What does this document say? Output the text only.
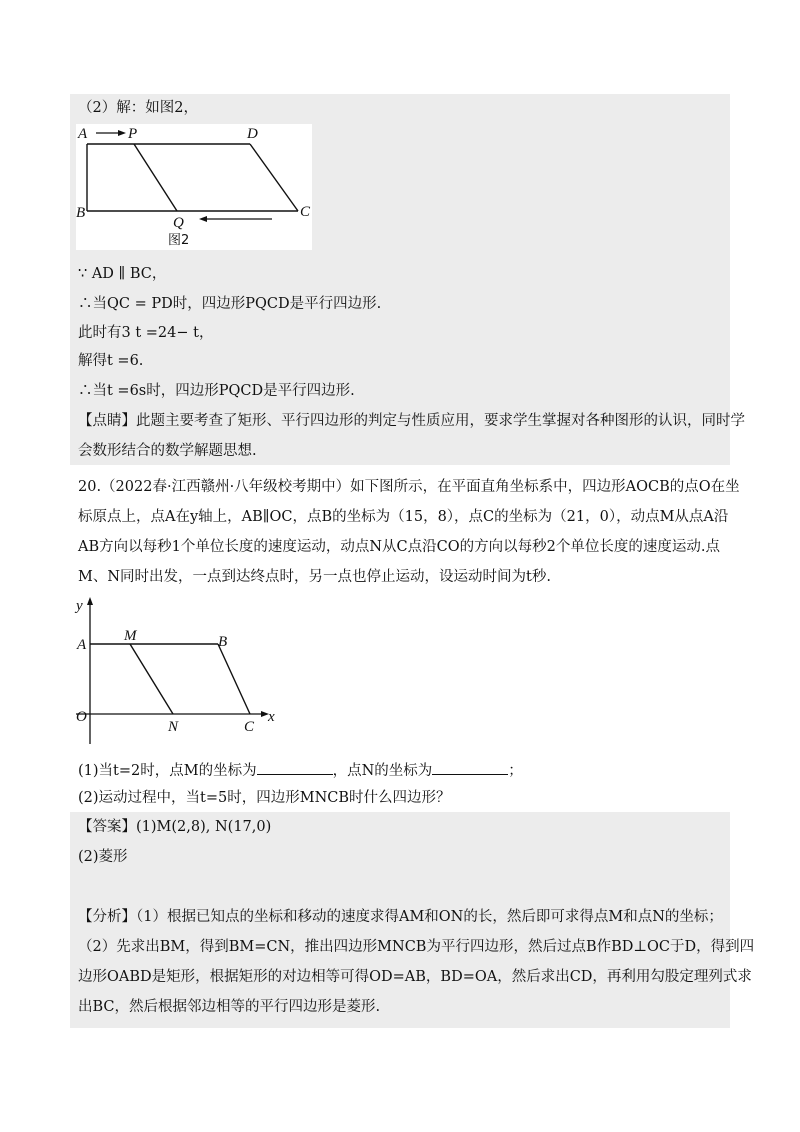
（2）解：如图2，
A	P	D
B
Q
C
图2
∵ AD ∥ BC，
∴当QC = PD时，四边形PQCD是平行四边形.
此时有3 t =24− t，
解得t =6.
∴当t =6s时，四边形PQCD是平行四边形.
【点睛】此题主要考查了矩形、平行四边形的判定与性质应用，要求学生掌握对各种图形的认识，同时学
会数形结合的数学解题思想.
20.（2022春·江西赣州·八年级校考期中）如下图所示，在平面直角坐标系中，四边形AOCB的点O在坐
标原点上，点A在y轴上，AB∥OC，点B的坐标为（15，8），点C的坐标为（21，0），动点M从点A沿
AB方向以每秒1个单位长度的速度运动，动点N从C点沿CO的方向以每秒2个单位长度的速度运动.点
M、N同时出发，一点到达终点时，另一点也停止运动，设运动时间为t秒.
y
A
M	B
O
N	C
x
(1)当t=2时，点M的坐标为	，点N的坐标为	；
(2)运动过程中，当t=5时，四边形MNCB时什么四边形？
【答案】(1)M(2,8), N(17,0)
(2)菱形
【分析】（1）根据已知点的坐标和移动的速度求得AM和ON的长，然后即可求得点M和点N的坐标；
（2）先求出BM，得到BM=CN，推出四边形MNCB为平行四边形，然后过点B作BD⊥OC于D，得到四
边形OABD是矩形，根据矩形的对边相等可得OD=AB，BD=OA，然后求出CD，再利用勾股定理列式求
出BC，然后根据邻边相等的平行四边形是菱形.
